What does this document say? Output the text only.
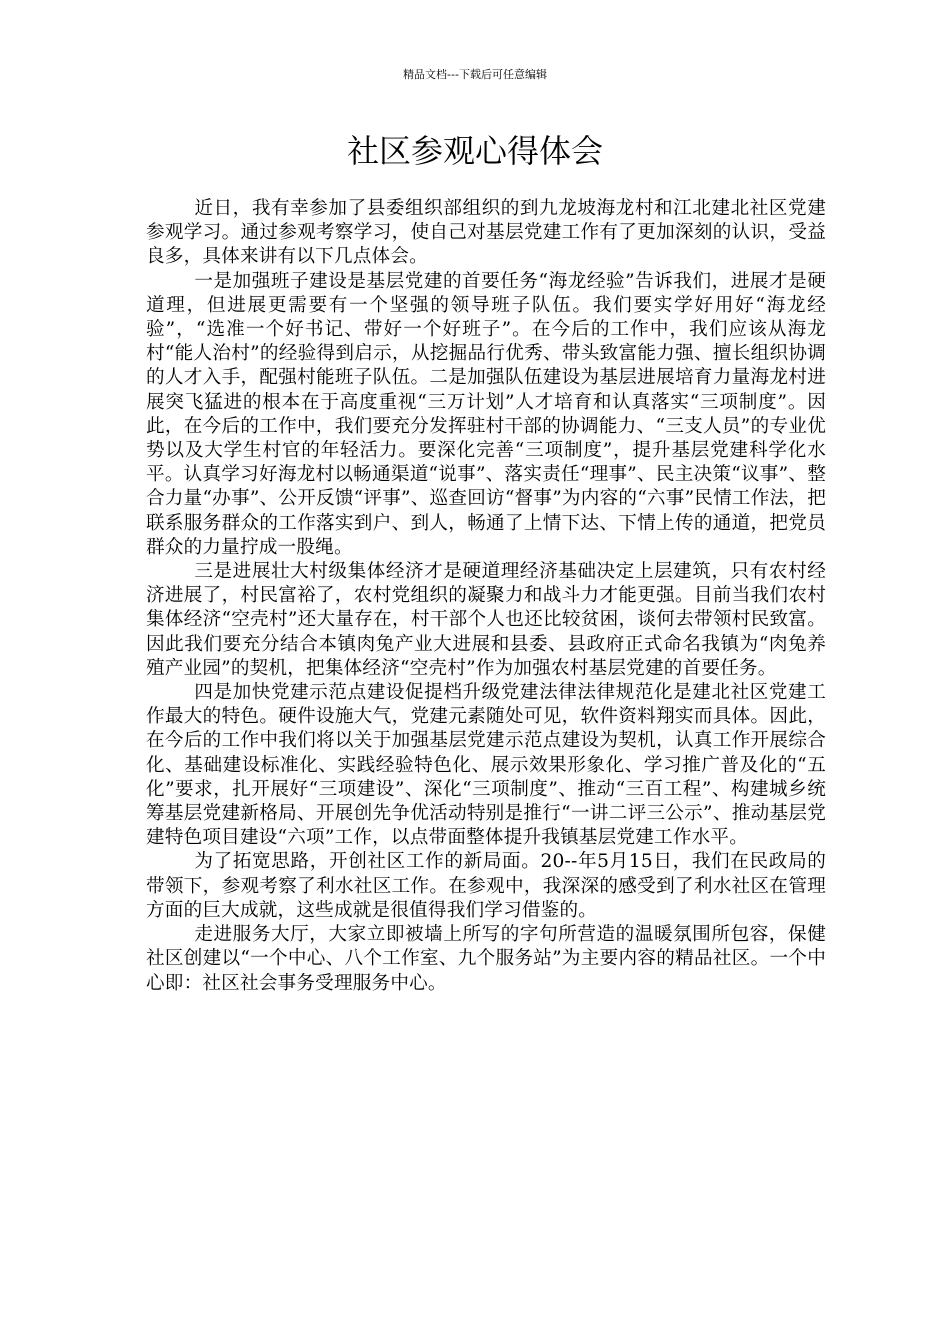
精品文档---下载后可任意编辑
社区参观心得体会

近日，我有幸参加了县委组织部组织的到九龙坡海龙村和江北建北社区党建参观学习。通过参观考察学习，使自己对基层党建工作有了更加深刻的认识，受益良多，具体来讲有以下几点体会。

一是加强班子建设是基层党建的首要任务“海龙经验”告诉我们，进展才是硬道理，但进展更需要有一个坚强的领导班子队伍。我们要实学好用好“海龙经验”，“选准一个好书记、带好一个好班子”。在今后的工作中，我们应该从海龙村“能人治村”的经验得到启示，从挖掘品行优秀、带头致富能力强、擅长组织协调的人才入手，配强村能班子队伍。二是加强队伍建设为基层进展培育力量海龙村进展突飞猛进的根本在于高度重视“三万计划”人才培育和认真落实“三项制度”。因此，在今后的工作中，我们要充分发挥驻村干部的协调能力、“三支人员”的专业优势以及大学生村官的年轻活力。要深化完善“三项制度”，提升基层党建科学化水平。认真学习好海龙村以畅通渠道“说事”、落实责任“理事”、民主决策“议事”、整合力量“办事”、公开反馈“评事”、巡查回访“督事”为内容的“六事”民情工作法，把联系服务群众的工作落实到户、到人，畅通了上情下达、下情上传的通道，把党员群众的力量拧成一股绳。

三是进展壮大村级集体经济才是硬道理经济基础决定上层建筑，只有农村经济进展了，村民富裕了，农村党组织的凝聚力和战斗力才能更强。目前当我们农村集体经济“空壳村”还大量存在，村干部个人也还比较贫困，谈何去带领村民致富。因此我们要充分结合本镇肉兔产业大进展和县委、县政府正式命名我镇为“肉兔养殖产业园”的契机，把集体经济“空壳村”作为加强农村基层党建的首要任务。

四是加快党建示范点建设促提档升级党建法律法律规范化是建北社区党建工作最大的特色。硬件设施大气，党建元素随处可见，软件资料翔实而具体。因此，在今后的工作中我们将以关于加强基层党建示范点建设为契机，认真工作开展综合化、基础建设标准化、实践经验特色化、展示效果形象化、学习推广普及化的“五化”要求，扎开展好“三项建设”、深化“三项制度”、推动“三百工程”、构建城乡统筹基层党建新格局、开展创先争优活动特别是推行“一讲二评三公示”、推动基层党建特色项目建设“六项”工作，以点带面整体提升我镇基层党建工作水平。

为了拓宽思路，开创社区工作的新局面。20--年5月15日，我们在民政局的带领下，参观考察了利水社区工作。在参观中，我深深的感受到了利水社区在管理方面的巨大成就，这些成就是很值得我们学习借鉴的。

走进服务大厅，大家立即被墙上所写的字句所营造的温暖氛围所包容，保健社区创建以“一个中心、八个工作室、九个服务站”为主要内容的精品社区。一个中心即：社区社会事务受理服务中心。
